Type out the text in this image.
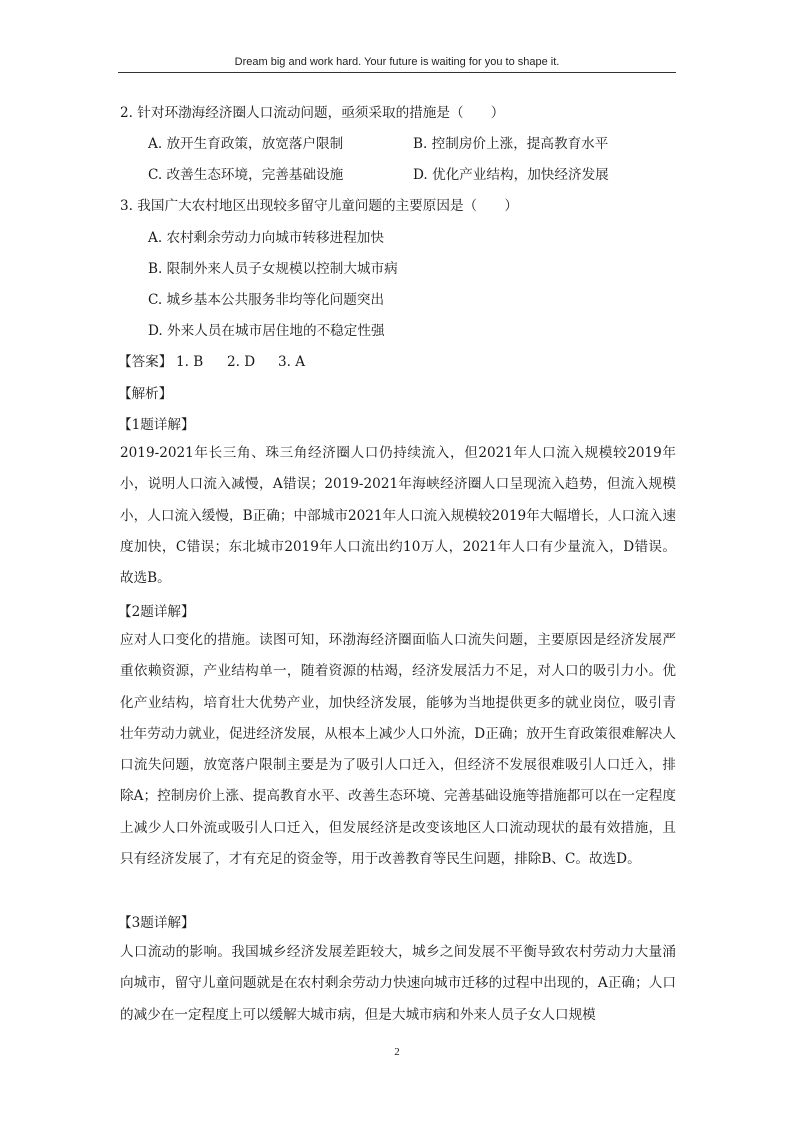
Dream big and work hard. Your future is waiting for you to shape it.
2. 针对环渤海经济圈人口流动问题，亟须采取的措施是（　　）
A. 放开生育政策，放宽落户限制	B. 控制房价上涨，提高教育水平
C. 改善生态环境，完善基础设施	D. 优化产业结构，加快经济发展
3. 我国广大农村地区出现较多留守儿童问题的主要原因是（　　）
A. 农村剩余劳动力向城市转移进程加快
B. 限制外来人员子女规模以控制大城市病
C. 城乡基本公共服务非均等化问题突出
D. 外来人员在城市居住地的不稳定性强
【答案】 1. B 2. D 3. A
【解析】
【1题详解】
2019-2021年长三角、珠三角经济圈人口仍持续流入，但2021年人口流入规模较2019年小，说明人口流入减慢，A错误；2019-2021年海峡经济圈人口呈现流入趋势，但流入规模小，人口流入缓慢，B正确；中部城市2021年人口流入规模较2019年大幅增长，人口流入速度加快，C错误；东北城市2019年人口流出约10万人，2021年人口有少量流入，D错误。故选B。
【2题详解】
应对人口变化的措施。读图可知，环渤海经济圈面临人口流失问题，主要原因是经济发展严重依赖资源，产业结构单一，随着资源的枯竭，经济发展活力不足，对人口的吸引力小。优化产业结构，培育壮大优势产业，加快经济发展，能够为当地提供更多的就业岗位，吸引青壮年劳动力就业，促进经济发展，从根本上减少人口外流，D正确；放开生育政策很难解决人口流失问题，放宽落户限制主要是为了吸引人口迁入，但经济不发展很难吸引人口迁入，排除A；控制房价上涨、提高教育水平、改善生态环境、完善基础设施等措施都可以在一定程度上减少人口外流或吸引人口迁入，但发展经济是改变该地区人口流动现状的最有效措施，且只有经济发展了，才有充足的资金等，用于改善教育等民生问题，排除B、C。故选D。
【3题详解】
人口流动的影响。我国城乡经济发展差距较大，城乡之间发展不平衡导致农村劳动力大量涌向城市，留守儿童问题就是在农村剩余劳动力快速向城市迁移的过程中出现的，A正确；人口的减少在一定程度上可以缓解大城市病，但是大城市病和外来人员子女人口规模
2
